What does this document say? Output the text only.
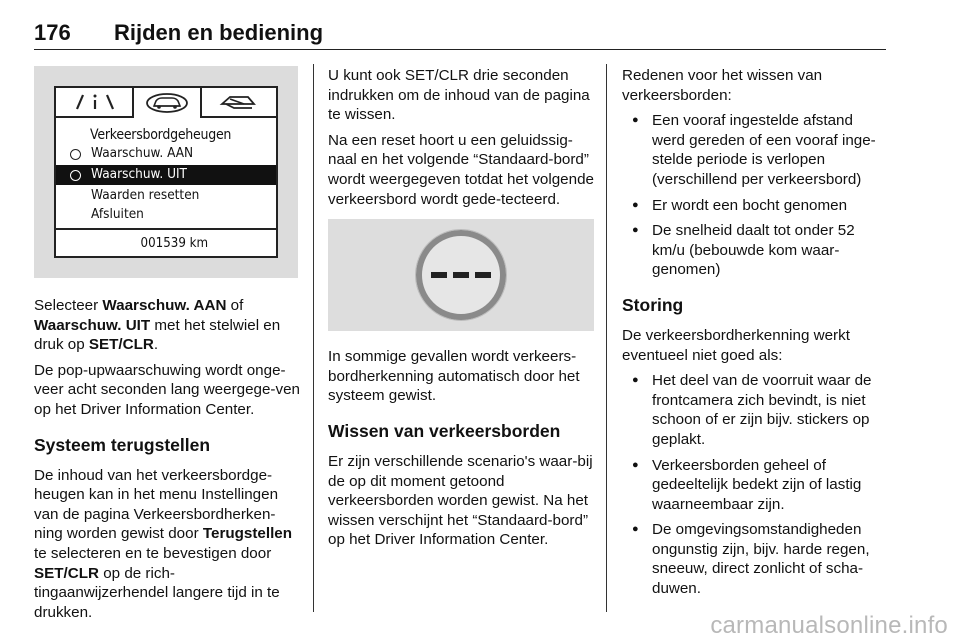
176 Rijden en bediening
Verkeersbordgeheugen
Waarschuw. AAN
Waarschuw. UIT
Waarden resetten
Afsluiten
001539 km

Selecteer Waarschuw. AAN of Waarschuw. UIT met het stelwiel en druk op SET/CLR.

De pop-upwaarschuwing wordt onge-veer acht seconden lang weergege-ven op het Driver Information Center.

Systeem terugstellen

De inhoud van het verkeersbordge-heugen kan in het menu Instellingen van de pagina Verkeersbordherken-ning worden gewist door Terugstellen te selecteren en te bevestigen door SET/CLR op de rich-tingaanwijzerhendel langere tijd in te drukken.

U kunt ook SET/CLR drie seconden indrukken om de inhoud van de pagina te wissen.

Na een reset hoort u een geluidssig-naal en het volgende “Standaard-bord” wordt weergegeven totdat het volgende verkeersbord wordt gede-tecteerd.

In sommige gevallen wordt verkeers-bordherkenning automatisch door het systeem gewist.

Wissen van verkeersborden

Er zijn verschillende scenario's waar-bij de op dit moment getoond verkeersborden worden gewist. Na het wissen verschijnt het “Standaard-bord” op het Driver Information Center.

Redenen voor het wissen van verkeersborden:

● Een vooraf ingestelde afstand werd gereden of een vooraf inge-stelde periode is verlopen (verschillend per verkeersbord)
● Er wordt een bocht genomen
● De snelheid daalt tot onder 52 km/u (bebouwde kom waar-genomen)
Storing

De verkeersbordherkenning werkt eventueel niet goed als:

● Het deel van de voorruit waar de frontcamera zich bevindt, is niet schoon of er zijn bijv. stickers op geplakt.
● Verkeersborden geheel of gedeeltelijk bedekt zijn of lastig waarneembaar zijn.
● De omgevingsomstandigheden ongunstig zijn, bijv. harde regen, sneeuw, direct zonlicht of scha-duwen.
carmanualsonline.info
